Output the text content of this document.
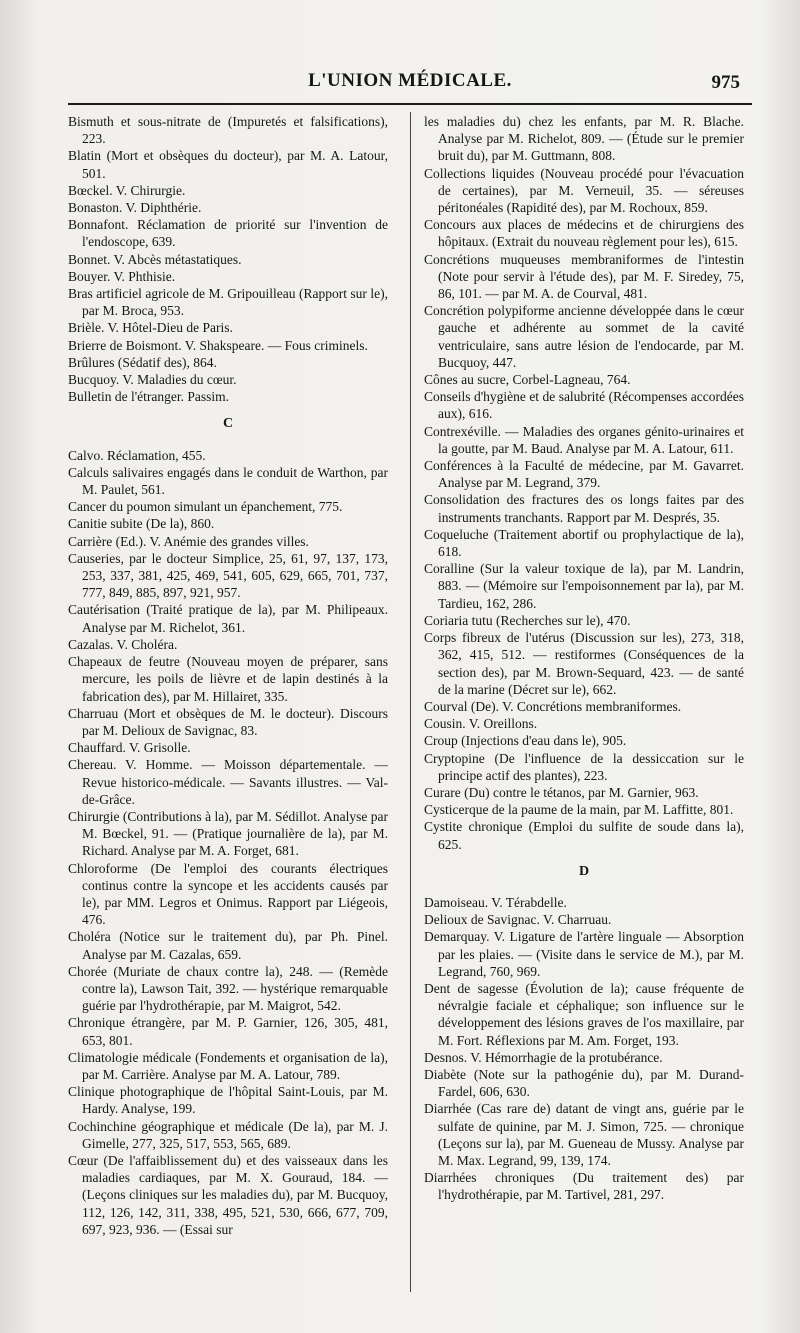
L'UNION MÉDICALE.	975

Bismuth et sous-nitrate de (Impuretés et falsifications), 223.

Blatin (Mort et obsèques du docteur), par M. A. Latour, 501.

Bœckel. V. Chirurgie.

Bonaston. V. Diphthérie.

Bonnafont. Réclamation de priorité sur l'invention de l'endoscope, 639.

Bonnet. V. Abcès métastatiques.

Bouyer. V. Phthisie.

Bras artificiel agricole de M. Gripouilleau (Rapport sur le), par M. Broca, 953.

Brièle. V. Hôtel-Dieu de Paris.

Brierre de Boismont. V. Shakspeare. — Fous criminels.

Brûlures (Sédatif des), 864.

Bucquoy. V. Maladies du cœur.

Bulletin de l'étranger. Passim.

C

Calvo. Réclamation, 455.

Calculs salivaires engagés dans le conduit de Warthon, par M. Paulet, 561.

Cancer du poumon simulant un épanchement, 775.

Canitie subite (De la), 860.

Carrière (Ed.). V. Anémie des grandes villes.

Causeries, par le docteur Simplice, 25, 61, 97, 137, 173, 253, 337, 381, 425, 469, 541, 605, 629, 665, 701, 737, 777, 849, 885, 897, 921, 957.

Cautérisation (Traité pratique de la), par M. Philipeaux. Analyse par M. Richelot, 361.

Cazalas. V. Choléra.

Chapeaux de feutre (Nouveau moyen de préparer, sans mercure, les poils de lièvre et de lapin destinés à la fabrication des), par M. Hillairet, 335.

Charruau (Mort et obsèques de M. le docteur). Discours par M. Delioux de Savignac, 83.

Chauffard. V. Grisolle.

Chereau. V. Homme. — Moisson départementale. — Revue historico-médicale. — Savants illustres. — Val-de-Grâce.

Chirurgie (Contributions à la), par M. Sédillot. Analyse par M. Bœckel, 91. — (Pratique journalière de la), par M. Richard. Analyse par M. A. Forget, 681.

Chloroforme (De l'emploi des courants électriques continus contre la syncope et les accidents causés par le), par MM. Legros et Onimus. Rapport par Liégeois, 476.

Choléra (Notice sur le traitement du), par Ph. Pinel. Analyse par M. Cazalas, 659.

Chorée (Muriate de chaux contre la), 248. — (Remède contre la), Lawson Tait, 392. — hystérique remarquable guérie par l'hydrothérapie, par M. Maigrot, 542.

Chronique étrangère, par M. P. Garnier, 126, 305, 481, 653, 801.

Climatologie médicale (Fondements et organisation de la), par M. Carrière. Analyse par M. A. Latour, 789.

Clinique photographique de l'hôpital Saint-Louis, par M. Hardy. Analyse, 199.

Cochinchine géographique et médicale (De la), par M. J. Gimelle, 277, 325, 517, 553, 565, 689.

Cœur (De l'affaiblissement du) et des vaisseaux dans les maladies cardiaques, par M. X. Gouraud, 184. — (Leçons cliniques sur les maladies du), par M. Bucquoy, 112, 126, 142, 311, 338, 495, 521, 530, 666, 677, 709, 697, 923, 936. — (Essai sur

les maladies du) chez les enfants, par M. R. Blache. Analyse par M. Richelot, 809. — (Étude sur le premier bruit du), par M. Guttmann, 808.

Collections liquides (Nouveau procédé pour l'évacuation de certaines), par M. Verneuil, 35. — séreuses péritonéales (Rapidité des), par M. Rochoux, 859.

Concours aux places de médecins et de chirurgiens des hôpitaux. (Extrait du nouveau règlement pour les), 615.

Concrétions muqueuses membraniformes de l'intestin (Note pour servir à l'étude des), par M. F. Siredey, 75, 86, 101. — par M. A. de Courval, 481.

Concrétion polypiforme ancienne développée dans le cœur gauche et adhérente au sommet de la cavité ventriculaire, sans autre lésion de l'endocarde, par M. Bucquoy, 447.

Cônes au sucre, Corbel-Lagneau, 764.

Conseils d'hygiène et de salubrité (Récompenses accordées aux), 616.

Contrexéville. — Maladies des organes génito-urinaires et la goutte, par M. Baud. Analyse par M. A. Latour, 611.

Conférences à la Faculté de médecine, par M. Gavarret. Analyse par M. Legrand, 379.

Consolidation des fractures des os longs faites par des instruments tranchants. Rapport par M. Després, 35.

Coqueluche (Traitement abortif ou prophylactique de la), 618.

Coralline (Sur la valeur toxique de la), par M. Landrin, 883. — (Mémoire sur l'empoisonnement par la), par M. Tardieu, 162, 286.

Coriaria tutu (Recherches sur le), 470.

Corps fibreux de l'utérus (Discussion sur les), 273, 318, 362, 415, 512. — restiformes (Conséquences de la section des), par M. Brown-Sequard, 423. — de santé de la marine (Décret sur le), 662.

Courval (De). V. Concrétions membraniformes.

Cousin. V. Oreillons.

Croup (Injections d'eau dans le), 905.

Cryptopine (De l'influence de la dessiccation sur le principe actif des plantes), 223.

Curare (Du) contre le tétanos, par M. Garnier, 963.

Cysticerque de la paume de la main, par M. Laffitte, 801.

Cystite chronique (Emploi du sulfite de soude dans la), 625.

D

Damoiseau. V. Térabdelle.

Delioux de Savignac. V. Charruau.

Demarquay. V. Ligature de l'artère linguale — Absorption par les plaies. — (Visite dans le service de M.), par M. Legrand, 760, 969.

Dent de sagesse (Évolution de la); cause fréquente de névralgie faciale et céphalique; son influence sur le développement des lésions graves de l'os maxillaire, par M. Fort. Réflexions par M. Am. Forget, 193.

Desnos. V. Hémorrhagie de la protubérance.

Diabète (Note sur la pathogénie du), par M. Durand-Fardel, 606, 630.

Diarrhée (Cas rare de) datant de vingt ans, guérie par le sulfate de quinine, par M. J. Simon, 725. — chronique (Leçons sur la), par M. Gueneau de Mussy. Analyse par M. Max. Legrand, 99, 139, 174.

Diarrhées chroniques (Du traitement des) par l'hydrothérapie, par M. Tartivel, 281, 297.
